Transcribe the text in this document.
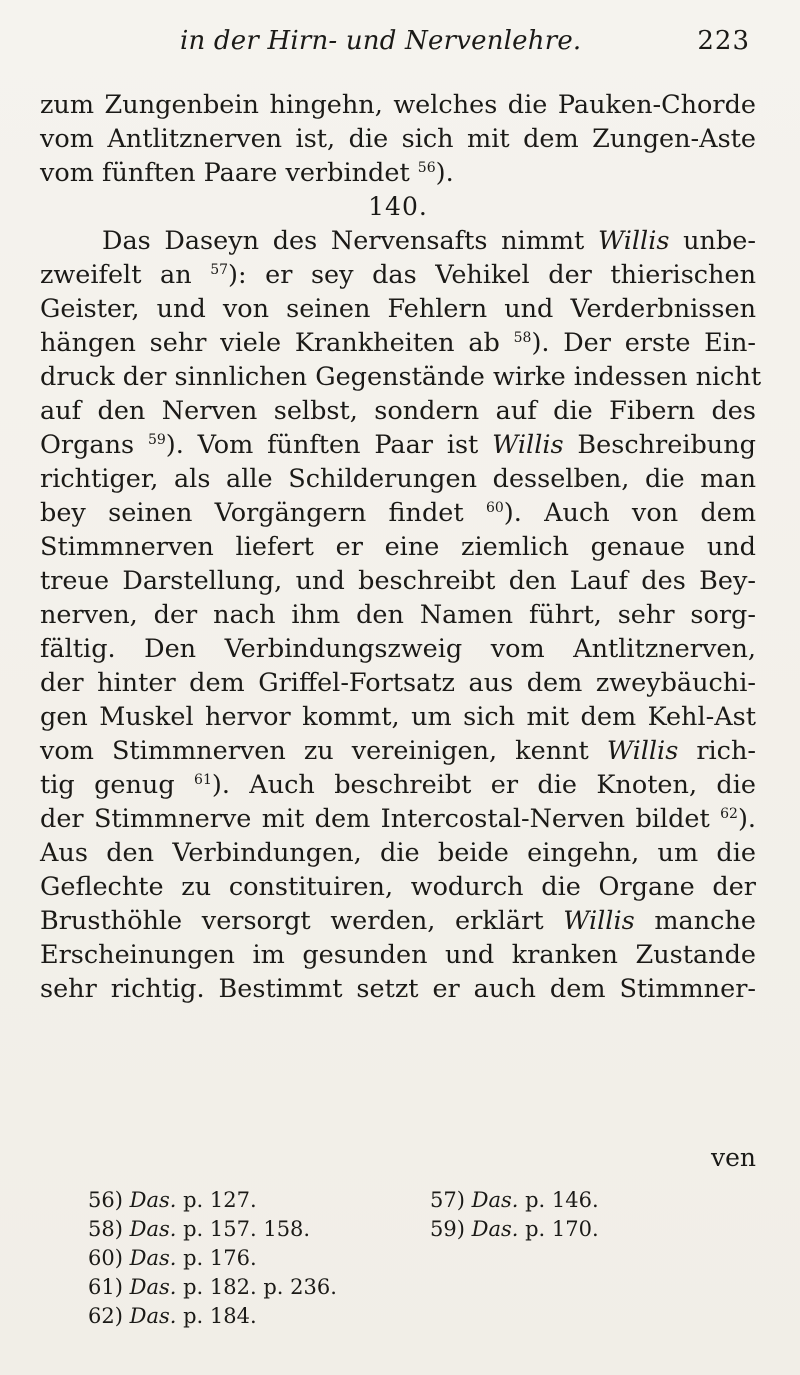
in der Hirn- und Nervenlehre.	223
zum Zungenbein hingehn, welches die Pauken-Chorde
vom Antlitznerven ist, die sich mit dem Zungen-Aste
vom fünften Paare verbindet $^{56}$).
140.
Das Daseyn des Nervensafts nimmt Willis unbe-
zweifelt an $^{57}$): er sey das Vehikel der thierischen
Geister, und von seinen Fehlern und Verderbnissen
hängen sehr viele Krankheiten ab $^{58}$). Der erste Ein-
druck der sinnlichen Gegenstände wirke indessen nicht
auf den Nerven selbst, sondern auf die Fibern des
Organs $^{59}$). Vom fünften Paar ist Willis Beschreibung
richtiger, als alle Schilderungen desselben, die man
bey seinen Vorgängern findet $^{60}$). Auch von dem
Stimmnerven liefert er eine ziemlich genaue und
treue Darstellung, und beschreibt den Lauf des Bey-
nerven, der nach ihm den Namen führt, sehr sorg-
fältig. Den Verbindungszweig vom Antlitznerven,
der hinter dem Griffel-Fortsatz aus dem zweybäuchi-
gen Muskel hervor kommt, um sich mit dem Kehl-Ast
vom Stimmnerven zu vereinigen, kennt Willis rich-
tig genug $^{61}$). Auch beschreibt er die Knoten, die
der Stimmnerve mit dem Intercostal-Nerven bildet $^{62}$).
Aus den Verbindungen, die beide eingehn, um die
Geflechte zu constituiren, wodurch die Organe der
Brusthöhle versorgt werden, erklärt Willis manche
Erscheinungen im gesunden und kranken Zustande
sehr richtig. Bestimmt setzt er auch dem Stimmner-
ven
56) Das. p. 127.	57) Das. p. 146.
58) Das. p. 157. 158.	59) Das. p. 170.
60) Das. p. 176.
61) Das. p. 182. p. 236.
62) Das. p. 184.
